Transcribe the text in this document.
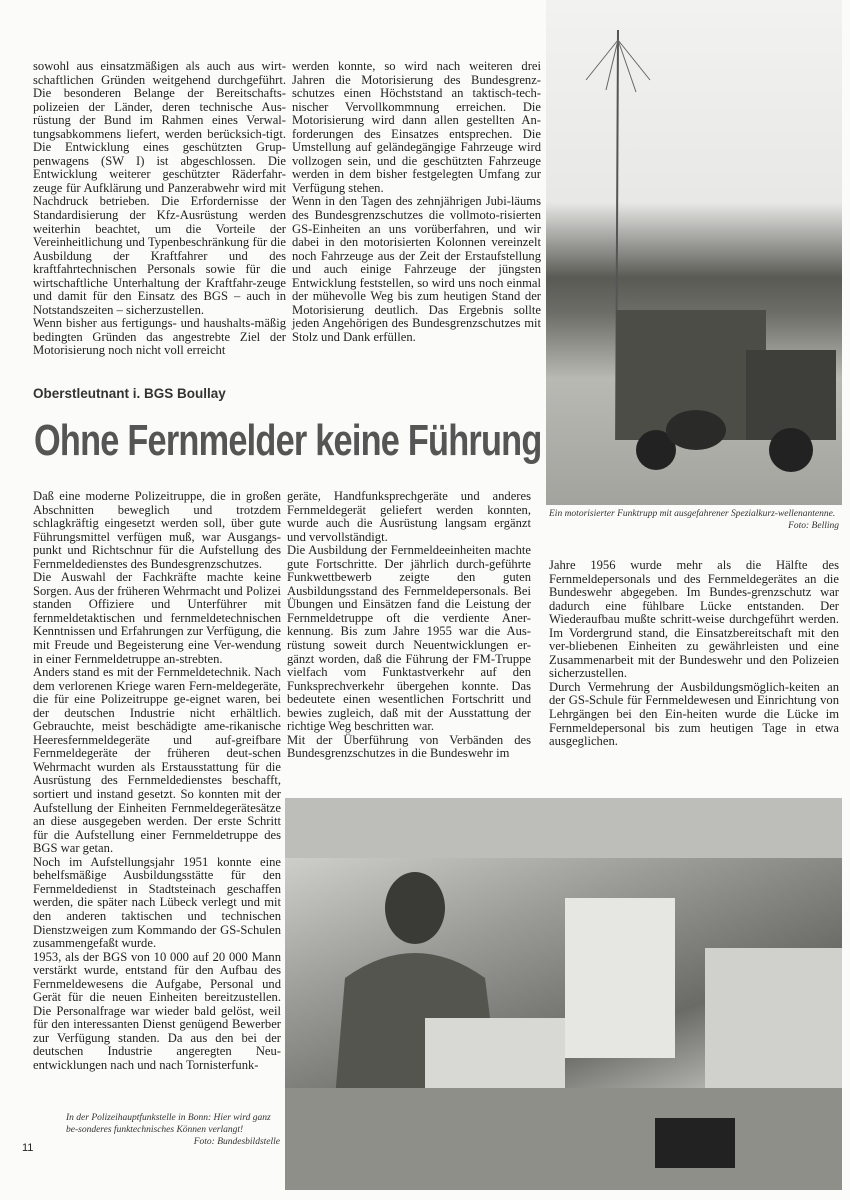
sowohl aus einsatzmäßigen als auch aus wirt-schaftlichen Gründen weitgehend durchgeführt. Die besonderen Belange der Bereitschafts-polizeien der Länder, deren technische Aus-rüstung der Bund im Rahmen eines Verwal-tungsabkommens liefert, werden berücksich-tigt. Die Entwicklung eines geschützten Grup-penwagens (SW I) ist abgeschlossen. Die Entwicklung weiterer geschützter Räderfahr-zeuge für Aufklärung und Panzerabwehr wird mit Nachdruck betrieben. Die Erfordernisse der Standardisierung der Kfz-Ausrüstung werden weiterhin beachtet, um die Vorteile der Vereinheitlichung und Typenbeschränkung für die Ausbildung der Kraftfahrer und des kraftfahrtechnischen Personals sowie für die wirtschaftliche Unterhaltung der Kraftfahr-zeuge und damit für den Einsatz des BGS – auch in Notstandszeiten – sicherzustellen.

Wenn bisher aus fertigungs- und haushalts-mäßig bedingten Gründen das angestrebte Ziel der Motorisierung noch nicht voll erreicht

werden konnte, so wird nach weiteren drei Jahren die Motorisierung des Bundesgrenz-schutzes einen Höchststand an taktisch-tech-nischer Vervollkommnung erreichen. Die Motorisierung wird dann allen gestellten An-forderungen des Einsatzes entsprechen. Die Umstellung auf geländegängige Fahrzeuge wird vollzogen sein, und die geschützten Fahrzeuge werden in dem bisher festgelegten Umfang zur Verfügung stehen.

Wenn in den Tagen des zehnjährigen Jubi-läums des Bundesgrenzschutzes die vollmoto-risierten GS-Einheiten an uns vorüberfahren, und wir dabei in den motorisierten Kolonnen vereinzelt noch Fahrzeuge aus der Zeit der Erstaufstellung und auch einige Fahrzeuge der jüngsten Entwicklung feststellen, so wird uns noch einmal der mühevolle Weg bis zum heutigen Stand der Motorisierung deutlich. Das Ergebnis sollte jeden Angehörigen des Bundesgrenzschutzes mit Stolz und Dank erfüllen.

Ein motorisierter Funktrupp mit ausgefahrener Spezialkurz-wellenantenne.
Foto: Belling
Oberstleutnant i. BGS Boullay
Ohne Fernmelder keine Führung

Daß eine moderne Polizeitruppe, die in großen Abschnitten beweglich und trotzdem schlagkräftig eingesetzt werden soll, über gute Führungsmittel verfügen muß, war Ausgangs-punkt und Richtschnur für die Aufstellung des Fernmeldedienstes des Bundesgrenzschutzes.

Die Auswahl der Fachkräfte machte keine Sorgen. Aus der früheren Wehrmacht und Polizei standen Offiziere und Unterführer mit fernmeldetaktischen und fernmeldetechnischen Kenntnissen und Erfahrungen zur Verfügung, die mit Freude und Begeisterung eine Ver-wendung in einer Fernmeldetruppe an-strebten.

Anders stand es mit der Fernmeldetechnik. Nach dem verlorenen Kriege waren Fern-meldegeräte, die für eine Polizeitruppe ge-eignet waren, bei der deutschen Industrie nicht erhältlich. Gebrauchte, meist beschädigte ame-rikanische Heeresfernmeldegeräte und auf-greifbare Fernmeldegeräte der früheren deut-schen Wehrmacht wurden als Erstausstattung für die Ausrüstung des Fernmeldedienstes beschafft, sortiert und instand gesetzt. So konnten mit der Aufstellung der Einheiten Fernmeldegerätesätze an diese ausgegeben werden. Der erste Schritt für die Aufstellung einer Fernmeldetruppe des BGS war getan.

Noch im Aufstellungsjahr 1951 konnte eine behelfsmäßige Ausbildungsstätte für den Fernmeldedienst in Stadtsteinach geschaffen werden, die später nach Lübeck verlegt und mit den anderen taktischen und technischen Dienstzweigen zum Kommando der GS-Schulen zusammengefaßt wurde.

1953, als der BGS von 10 000 auf 20 000 Mann verstärkt wurde, entstand für den Aufbau des Fernmeldewesens die Aufgabe, Personal und Gerät für die neuen Einheiten bereitzustellen. Die Personalfrage war wieder bald gelöst, weil für den interessanten Dienst genügend Bewerber zur Verfügung standen. Da aus den bei der deutschen Industrie angeregten Neu-entwicklungen nach und nach Tornisterfunk-

geräte, Handfunksprechgeräte und anderes Fernmeldegerät geliefert werden konnten, wurde auch die Ausrüstung langsam ergänzt und vervollständigt.

Die Ausbildung der Fernmeldeeinheiten machte gute Fortschritte. Der jährlich durch-geführte Funkwettbewerb zeigte den guten Ausbildungsstand des Fernmeldepersonals. Bei Übungen und Einsätzen fand die Leistung der Fernmeldetruppe oft die verdiente Aner-kennung. Bis zum Jahre 1955 war die Aus-rüstung soweit durch Neuentwicklungen er-gänzt worden, daß die Führung der FM-Truppe vielfach vom Funktastverkehr auf den Funksprechverkehr übergehen konnte. Das bedeutete einen wesentlichen Fortschritt und bewies zugleich, daß mit der Ausstattung der richtige Weg beschritten war.

Mit der Überführung von Verbänden des Bundesgrenzschutzes in die Bundeswehr im

Jahre 1956 wurde mehr als die Hälfte des Fernmeldepersonals und des Fernmeldegerätes an die Bundeswehr abgegeben. Im Bundes-grenzschutz war dadurch eine fühlbare Lücke entstanden. Der Wiederaufbau mußte schritt-weise durchgeführt werden. Im Vordergrund stand, die Einsatzbereitschaft mit den ver-bliebenen Einheiten zu gewährleisten und eine Zusammenarbeit mit der Bundeswehr und den Polizeien sicherzustellen.

Durch Vermehrung der Ausbildungsmöglich-keiten an der GS-Schule für Fernmeldewesen und Einrichtung von Lehrgängen bei den Ein-heiten wurde die Lücke im Fernmeldepersonal bis zum heutigen Tage in etwa ausgeglichen.

In der Polizeihauptfunkstelle in Bonn: Hier wird ganz be-sonderes funktechnisches Können verlangt!
Foto: Bundesbildstelle
11
